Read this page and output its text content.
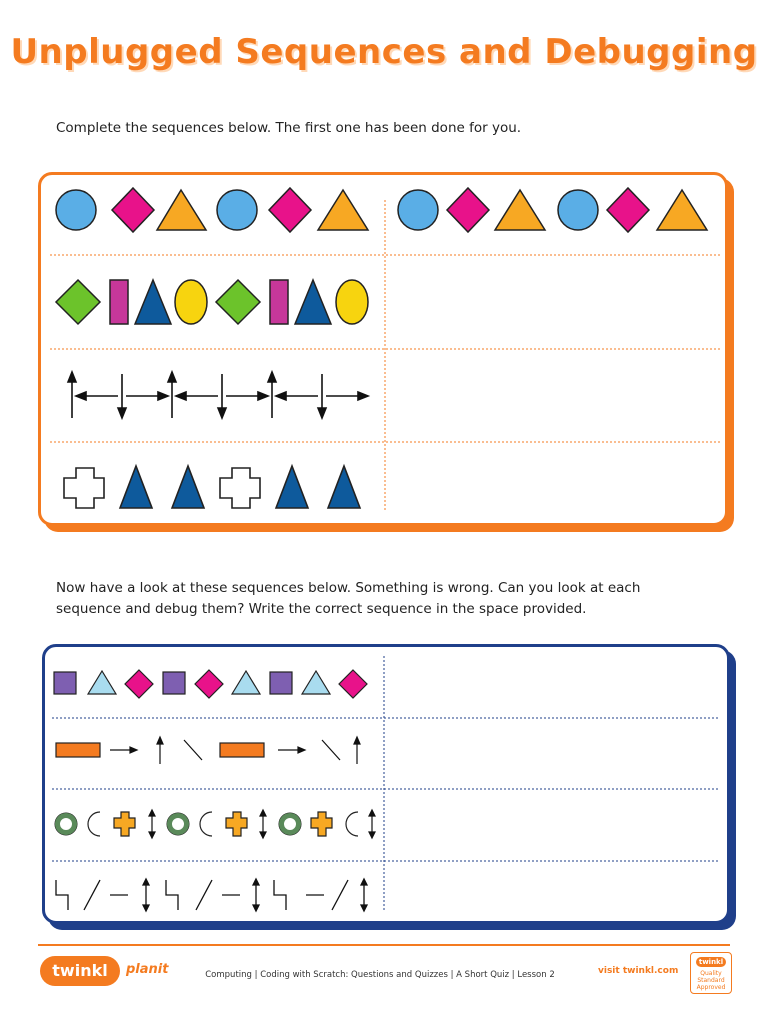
Unplugged Sequences and Debugging
Complete the sequences below. The first one has been done for you.
Now have a look at these sequences below. Something is wrong. Can you look at each
sequence and debug them? Write the correct sequence in the space provided.
twinkl	planit	Computing | Coding with Scratch: Questions and Quizzes | A Short Quiz | Lesson 2	visit twinkl.com
twinkl
Quality Standard Approved
